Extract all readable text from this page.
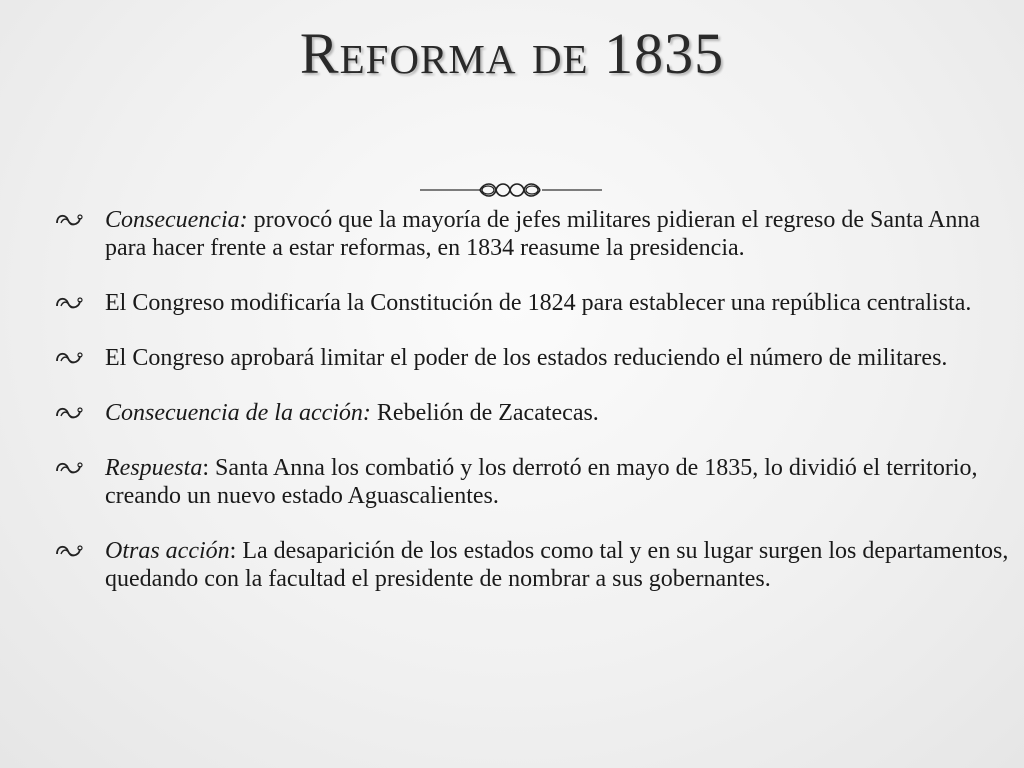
Reforma de 1835
Consecuencia: provocó que la mayoría de jefes militares pidieran el regreso de Santa Anna para hacer frente a estar reformas, en 1834 reasume la presidencia.
El Congreso modificaría la Constitución de 1824 para establecer una república centralista.
El Congreso aprobará limitar el poder de los estados reduciendo el número de militares.
Consecuencia de la acción: Rebelión de Zacatecas.
Respuesta: Santa Anna los combatió y los derrotó en mayo de 1835, lo dividió el territorio, creando un nuevo estado Aguascalientes.
Otras acción: La desaparición de los estados como tal y en su lugar surgen los departamentos, quedando con la facultad el presidente de nombrar a sus gobernantes.
